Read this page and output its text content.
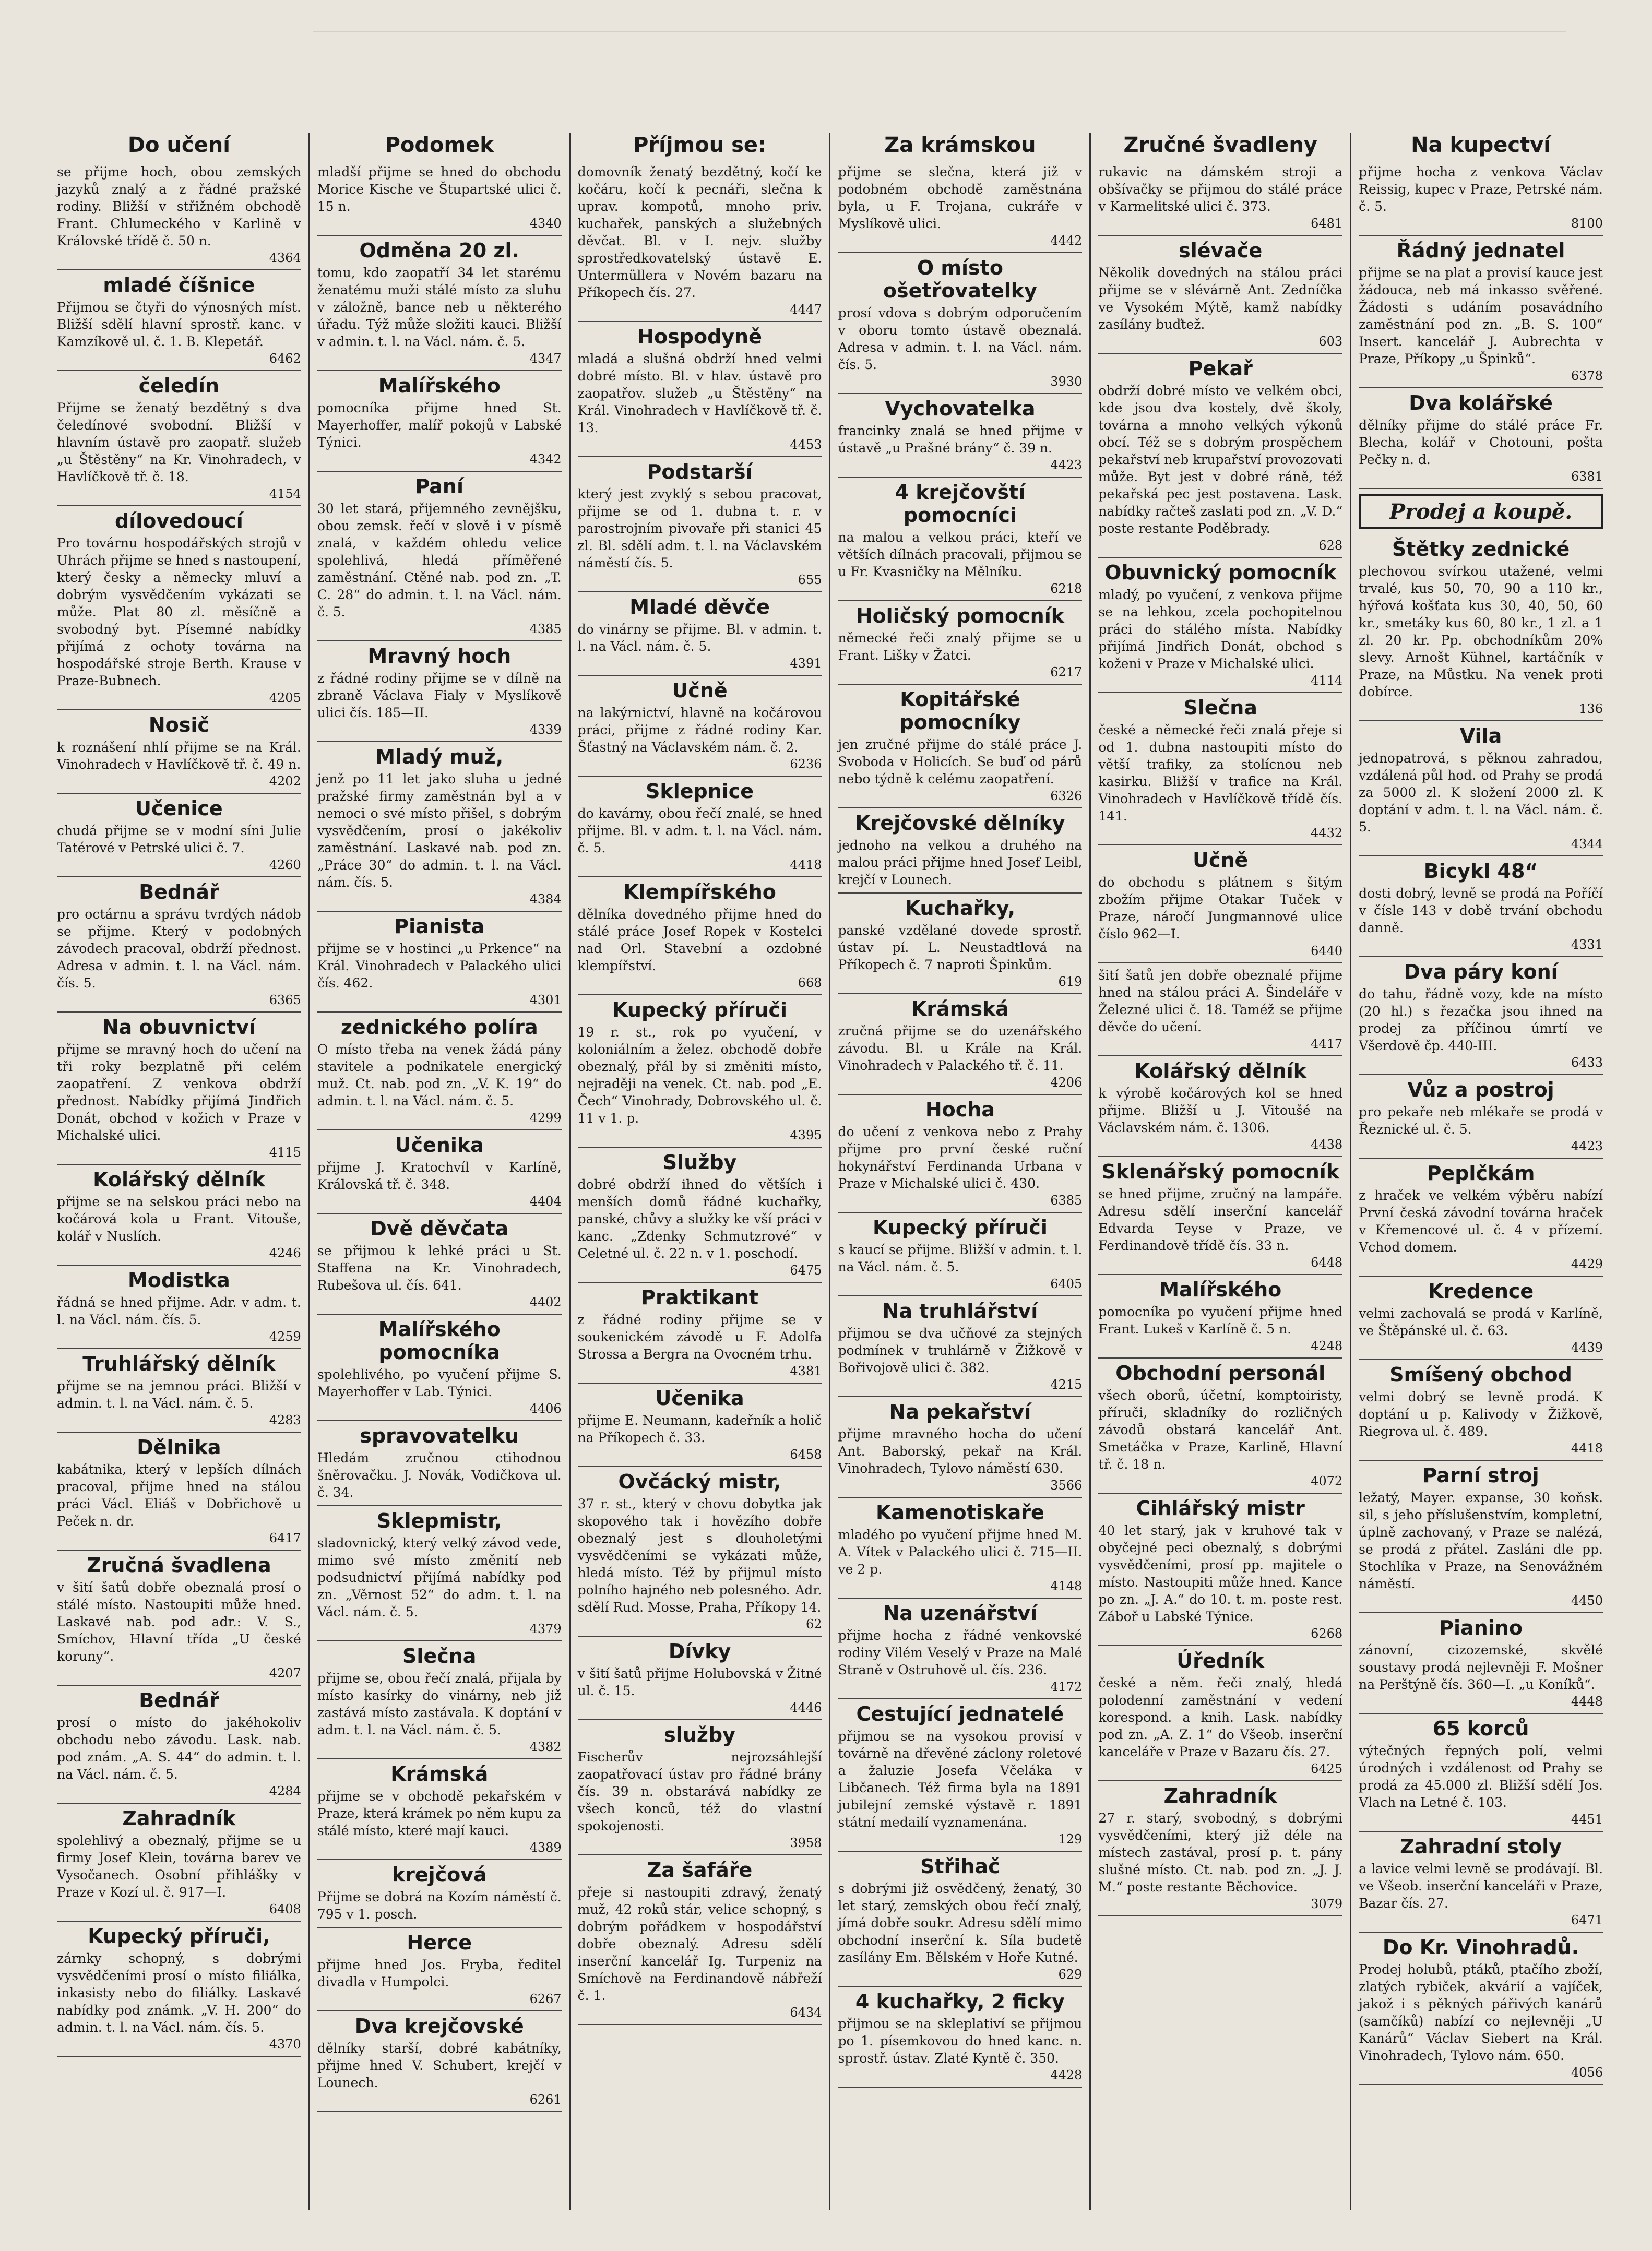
Do učení
se přijme hoch, obou zemských jazyků znalý a z řádné pražské rodiny. Bližší v střižném obchodě Frant. Chlumeckého v Karlině v Královské třídě č. 50 n.
4364
mladé číšnice
Přijmou se čtyři do výnosných míst. Bližší sdělí hlavní sprostř. kanc. v Kamzíkově ul. č. 1. B. Klepetář.
6462
čeledín
Přijme se ženatý bezdětný s dva čeledínové svobodní. Bližší v hlavním ústavě pro zaopatř. služeb „u Štěstěny“ na Kr. Vinohradech, v Havlíčkově tř. č. 18.
4154
dílovedoucí
Pro továrnu hospodářských strojů v Uhrách přijme se hned s nastoupení, který česky a německy mluví a dobrým vysvědčením vykázati se může. Plat 80 zl. měsíčně a svobodný byt. Písemné nabídky přijímá z ochoty továrna na hospodářské stroje Berth. Krause v Praze-Bubnech.
4205
Nosič
k roznášení nhlí přijme se na Král. Vinohradech v Havlíčkově tř. č. 49 n.
4202
Učenice
chudá přijme se v modní síni Julie Tatérové v Petrské ulici č. 7.
4260
Bednář
pro octárnu a správu tvrdých nádob se přijme. Který v podobných závodech pracoval, obdrží přednost. Adresa v admin. t. l. na Václ. nám. čís. 5.
6365
Na obuvnictví
přijme se mravný hoch do učení na tři roky bezplatně při celém zaopatření. Z venkova obdrží přednost. Nabídky přijímá Jindřich Donát, obchod v kožich v Praze v Michalské ulici.
4115
Kolářský dělník
přijme se na selskou práci nebo na kočárová kola u Frant. Vitouše, kolář v Nuslích.
4246
Modistka
řádná se hned přijme. Adr. v adm. t. l. na Václ. nám. čís. 5.
4259
Truhlářský dělník
přijme se na jemnou práci. Bližší v admin. t. l. na Václ. nám. č. 5.
4283
Dělnika
kabátnika, který v lepších dílnách pracoval, přijme hned na stálou práci Václ. Eliáš v Dobřichově u Peček n. dr.
6417
Zručná švadlena
v šití šatů dobře obeznalá prosí o stálé místo. Nastoupiti může hned. Laskavé nab. pod adr.: V. S., Smíchov, Hlavní třída „U české koruny“.
4207
Bednář
prosí o místo do jakéhokoliv obchodu nebo závodu. Lask. nab. pod znám. „A. S. 44“ do admin. t. l. na Václ. nám. č. 5.
4284
Zahradník
spolehlivý a obeznalý, přijme se u firmy Josef Klein, továrna barev ve Vysočanech. Osobní přihlášky v Praze v Kozí ul. č. 917—I.
6408
Kupecký příruči,
zárnky schopný, s dobrými vysvědčeními prosí o místo filiálka, inkasisty nebo do filiálky. Laskavé nabídky pod známk. „V. H. 200“ do admin. t. l. na Václ. nám. čís. 5.
4370
Podomek
mladší přijme se hned do obchodu Morice Kische ve Štupartské ulici č. 15 n.
4340
Odměna 20 zl.
tomu, kdo zaopatří 34 let starému ženatému muži stálé místo za sluhu v záložně, bance neb u některého úřadu. Týž může složiti kauci. Bližší v admin. t. l. na Václ. nám. č. 5.
4347
Malířského
pomocníka přijme hned St. Mayerhoffer, malíř pokojů v Labské Týnici.
4342
Paní
30 let stará, přijemného zevnějšku, obou zemsk. řečí v slově i v písmě znalá, v každém ohledu velice spolehlivá, hledá příměřené zaměstnání. Ctěné nab. pod zn. „T. C. 28“ do admin. t. l. na Václ. nám. č. 5.
4385
Mravný hoch
z řádné rodiny přijme se v dílně na zbraně Václava Fialy v Myslíkově ulici čís. 185—II.
4339
Mladý muž,
jenž po 11 let jako sluha u jedné pražské firmy zaměstnán byl a v nemoci o své místo přišel, s dobrým vysvědčením, prosí o jakékoliv zaměstnání. Laskavé nab. pod zn. „Práce 30“ do admin. t. l. na Václ. nám. čís. 5.
4384
Pianista
přijme se v hostinci „u Prkence“ na Král. Vinohradech v Palackého ulici čís. 462.
4301
zednického políra
O místo třeba na venek žádá pány stavitele a podnikatele energický muž. Ct. nab. pod zn. „V. K. 19“ do admin. t. l. na Václ. nám. č. 5.
4299
Učenika
přijme J. Kratochvíl v Karlíně, Královská tř. č. 348.
4404
Dvě děvčata
se přijmou k lehké práci u St. Staffena na Kr. Vinohradech, Rubešova ul. čís. 641.
4402
Malířského pomocníka
spolehlivého, po vyučení přijme S. Mayerhoffer v Lab. Týnici.
4406
spravovatelku
Hledám zručnou ctihodnou šněrovačku. J. Novák, Vodičkova ul. č. 34.
Sklepmistr,
sladovnický, který velký závod vede, mimo své místo změnití neb podsudnictví přijímá nabídky pod zn. „Věrnost 52“ do adm. t. l. na Václ. nám. č. 5.
4379
Slečna
přijme se, obou řečí znalá, přijala by místo kasírky do vinárny, neb již zastává místo zastávala. K doptání v adm. t. l. na Václ. nám. č. 5.
4382
Krámská
přijme se v obchodě pekařském v Praze, která krámek po něm kupu za stálé místo, které mají kauci.
4389
krejčová
Přijme se dobrá na Kozím náměstí č. 795 v 1. posch.
Herce
přijme hned Jos. Fryba, ředitel divadla v Humpolci.
6267
Dva krejčovské
dělníky starší, dobré kabátníky, přijme hned V. Schubert, krejčí v Lounech.
6261
Příjmou se:
domovník ženatý bezdětný, kočí ke kočáru, kočí k pecnáři, slečna k uprav. kompotů, mnoho priv. kuchařek, panských a služebných děvčat. Bl. v I. nejv. služby sprostředkovatelský ústavě E. Untermüllera v Novém bazaru na Příkopech čís. 27.
4447
Hospodyně
mladá a slušná obdrží hned velmi dobré místo. Bl. v hlav. ústavě pro zaopatřov. služeb „u Štěstěny“ na Král. Vinohradech v Havlíčkově tř. č. 13.
4453
Podstarší
který jest zvyklý s sebou pracovat, přijme se od 1. dubna t. r. v parostrojním pivovaře při stanici 45 zl. Bl. sdělí adm. t. l. na Václavském náměstí čís. 5.
655
Mladé děvče
do vinárny se přijme. Bl. v admin. t. l. na Václ. nám. č. 5.
4391
Učně
na lakýrnictví, hlavně na kočárovou práci, přijme z řádné rodiny Kar. Šťastný na Václavském nám. č. 2.
6236
Sklepnice
do kavárny, obou řečí znalé, se hned přijme. Bl. v adm. t. l. na Václ. nám. č. 5.
4418
Klempířského
dělníka dovedného přijme hned do stálé práce Josef Ropek v Kostelci nad Orl. Stavební a ozdobné klempířství.
668
Kupecký příruči
19 r. st., rok po vyučení, v koloniálním a želez. obchodě dobře obeznalý, přál by si změniti místo, nejraději na venek. Ct. nab. pod „E. Čech“ Vinohrady, Dobrovského ul. č. 11 v 1. p.
4395
Služby
dobré obdrží ihned do větších i menších domů řádné kuchařky, panské, chůvy a služky ke vší práci v kanc. „Zdenky Schmutzrové“ v Celetné ul. č. 22 n. v 1. poschodí.
6475
Praktikant
z řádné rodiny přijme se v soukenickém závodě u F. Adolfa Strossa a Bergra na Ovocném trhu.
4381
Učenika
přijme E. Neumann, kadeřník a holič na Příkopech č. 33.
6458
Ovčácký mistr,
37 r. st., který v chovu dobytka jak skopového tak i hovězího dobře obeznalý jest s dlouholetými vysvědčeními se vykázati může, hledá místo. Též by přijmul místo polního hajného neb polesného. Adr. sdělí Rud. Mosse, Praha, Příkopy 14.
62
Dívky
v šití šatů přijme Holubovská v Žitné ul. č. 15.
4446
služby
Fischerův nejrozsáhlejší zaopatřovací ústav pro řádné brány čís. 39 n. obstarává nabídky ze všech konců, též do vlastní spokojenosti.
3958
Za šafáře
přeje si nastoupiti zdravý, ženatý muž, 42 roků stár, velice schopný, s dobrým pořádkem v hospodářství dobře obeznalý. Adresu sdělí inserční kancelář Ig. Turpeniz na Smíchově na Ferdinandově nábřeží č. 1.
6434
Za krámskou
přijme se slečna, která již v podobném obchodě zaměstnána byla, u F. Trojana, cukráře v Myslíkově ulici.
4442
O místo ošetřovatelky
prosí vdova s dobrým odporučením v oboru tomto ústavě obeznalá. Adresa v admin. t. l. na Václ. nám. čís. 5.
3930
Vychovatelka
francinky znalá se hned přijme v ústavě „u Prašné brány“ č. 39 n.
4423
4 krejčovští pomocníci
na malou a velkou práci, kteří ve větších dílnách pracovali, přijmou se u Fr. Kvasničky na Mělníku.
6218
Holičský pomocník
německé řeči znalý přijme se u Frant. Lišky v Žatci.
6217
Kopitářské pomocníky
jen zručné přijme do stálé práce J. Svoboda v Holicích. Se buď od párů nebo týdně k celému zaopatření.
6326
Krejčovské dělníky
jednoho na velkou a druhého na malou práci přijme hned Josef Leibl, krejčí v Lounech.
Kuchařky,
panské vzdělané dovede sprostř. ústav pí. L. Neustadtlová na Příkopech č. 7 naproti Špinkům.
619
Krámská
zručná přijme se do uzenářského závodu. Bl. u Krále na Král. Vinohradech v Palackého tř. č. 11.
4206
Hocha
do učení z venkova nebo z Prahy přijme pro první české ruční hokynářství Ferdinanda Urbana v Praze v Michalské ulici č. 430.
6385
Kupecký příruči
s kaucí se přijme. Bližší v admin. t. l. na Václ. nám. č. 5.
6405
Na truhlářství
přijmou se dva učňové za stejných podmínek v truhlárně v Žižkově v Bořivojově ulici č. 382.
4215
Na pekařství
přijme mravného hocha do učení Ant. Baborský, pekař na Král. Vinohradech, Tylovo náměstí 630.
3566
Kamenotiskaře
mladého po vyučení přijme hned M. A. Vítek v Palackého ulici č. 715—II. ve 2 p.
4148
Na uzenářství
přijme hocha z řádné venkovské rodiny Vilém Veselý v Praze na Malé Straně v Ostruhově ul. čís. 236.
4172
Cestující jednatelé
přijmou se na vysokou provisí v továrně na dřevěné záclony roletové a žaluzie Josefa Včeláka v Libčanech. Též firma byla na 1891 jubilejní zemské výstavě r. 1891 státní medailí vyznamenána.
129
Střihač
s dobrými již osvědčený, ženatý, 30 let starý, zemských obou řečí znalý, jímá dobře soukr. Adresu sdělí mimo obchodní inserční k. Síla budetě zasílány Em. Bělském v Hoře Kutné.
629
4 kuchařky, 2 ficky
přijmou se na skleplativí se přijmou po 1. písemkovou do hned kanc. n. sprostř. ústav. Zlaté Kyntě č. 350.
4428
Zručné švadleny
rukavic na dámském stroji a obšívačky se přijmou do stálé práce v Karmelitské ulici č. 373.
6481
slévače
Několik dovedných na stálou práci přijme se v slévárně Ant. Zedníčka ve Vysokém Mýtě, kamž nabídky zasílány buďtež.
603
Pekař
obdrží dobré místo ve velkém obci, kde jsou dva kostely, dvě školy, továrna a mnoho velkých výkonů obcí. Též se s dobrým prospěchem pekařství neb krupařství provozovati může. Byt jest v dobré ráně, též pekařská pec jest postavena. Lask. nabídky račteš zaslati pod zn. „V. D.“ poste restante Poděbrady.
628
Obuvnický pomocník
mladý, po vyučení, z venkova přijme se na lehkou, zcela pochopitelnou práci do stálého místa. Nabídky přijímá Jindřich Donát, obchod s koženi v Praze v Michalské ulici.
4114
Slečna
české a německé řeči znalá přeje si od 1. dubna nastoupiti místo do větší trafiky, za stolícnou neb kasirku. Bližší v trafice na Král. Vinohradech v Havlíčkově třídě čís. 141.
4432
Učně
do obchodu s plátnem s šitým zbožím přijme Otakar Tuček v Praze, náročí Jungmannové ulice číslo 962—I.
6440
šití šatů jen dobře obeznalé přijme hned na stálou práci A. Šindeláře v Železné ulici č. 18. Taméž se přijme děvče do učení.
4417
Kolářský dělník
k výrobě kočárových kol se hned přijme. Bližší u J. Vitoušé na Václavském nám. č. 1306.
4438
Sklenářský pomocník
se hned přijme, zručný na lampáře. Adresu sdělí inserční kancelář Edvarda Teyse v Praze, ve Ferdinandově třídě čís. 33 n.
6448
Malířského
pomocníka po vyučení přijme hned Frant. Lukeš v Karlíně č. 5 n.
4248
Obchodní personál
všech oborů, účetní, komptoiristy, příruči, skladníky do rozličných závodů obstará kancelář Ant. Smetáčka v Praze, Karlině, Hlavní tř. č. 18 n.
4072
Cihlářský mistr
40 let starý, jak v kruhové tak v obyčejné peci obeznalý, s dobrými vysvědčeními, prosí pp. majitele o místo. Nastoupiti může hned. Kance po zn. „J. A.“ do 10. t. m. poste rest. Záboř u Labské Týnice.
6268
Úředník
české a něm. řeči znalý, hledá polodenní zaměstnání v vedení korespond. a knih. Lask. nabídky pod zn. „A. Z. 1“ do Všeob. inserční kanceláře v Praze v Bazaru čís. 27.
6425
Zahradník
27 r. starý, svobodný, s dobrými vysvědčeními, který již déle na místech zastával, prosí p. t. pány slušné místo. Ct. nab. pod zn. „J. J. M.“ poste restante Běchovice.
3079
Na kupectví
přijme hocha z venkova Václav Reissig, kupec v Praze, Petrské nám. č. 5.
8100
Řádný jednatel
přijme se na plat a provisí kauce jest žádouca, neb má inkasso svěřené. Žádosti s udáním posavádního zaměstnání pod zn. „B. S. 100“ Insert. kancelář J. Aubrechta v Praze, Příkopy „u Špinků“.
6378
Dva kolářské
dělníky přijme do stálé práce Fr. Blecha, kolář v Chotouni, pošta Pečky n. d.
6381
Prodej a koupě.
Štětky zednické
plechovou svírkou utažené, velmi trvalé, kus 50, 70, 90 a 110 kr., hýřová košťata kus 30, 40, 50, 60 kr., smetáky kus 60, 80 kr., 1 zl. a 1 zl. 20 kr. Pp. obchodníkům 20% slevy. Arnošt Kühnel, kartáčník v Praze, na Můstku. Na venek proti dobírce.
136
Vila
jednopatrová, s pěknou zahradou, vzdálená půl hod. od Prahy se prodá za 5000 zl. K složení 2000 zl. K doptání v adm. t. l. na Václ. nám. č. 5.
4344
Bicykl 48“
dosti dobrý, levně se prodá na Poříčí v čísle 143 v době trvání obchodu danně.
4331
Dva páry koní
do tahu, řádně vozy, kde na místo (20 hl.) s řezačka jsou ihned na prodej za příčinou úmrtí ve Všerdově čp. 440-III.
6433
Vůz a postroj
pro pekaře neb mlékaře se prodá v Řeznické ul. č. 5.
4423
Peplčkám
z hraček ve velkém výběru nabízí První česká závodní továrna hraček v Křemencové ul. č. 4 v přízemí. Vchod domem.
4429
Kredence
velmi zachovalá se prodá v Karlíně, ve Štěpánské ul. č. 63.
4439
Smíšený obchod
velmi dobrý se levně prodá. K doptání u p. Kalivody v Žižkově, Riegrova ul. č. 489.
4418
Parní stroj
ležatý, Mayer. expanse, 30 koňsk. sil, s jeho příslušenstvím, kompletní, úplně zachovaný, v Praze se nalézá, se prodá z přátel. Zasláni dle pp. Stochlíka v Praze, na Senovážném náměstí.
4450
Pianino
zánovní, cizozemské, skvělé soustavy prodá nejlevněji F. Mošner na Perštýně čís. 360—I. „u Koníků“.
4448
65 korců
výtečných řepných polí, velmi úrodných i vzdálenost od Prahy se prodá za 45.000 zl. Bližší sdělí Jos. Vlach na Letné č. 103.
4451
Zahradní stoly
a lavice velmi levně se prodávají. Bl. ve Všeob. inserční kanceláři v Praze, Bazar čís. 27.
6471
Do Kr. Vinohradů.
Prodej holubů, ptáků, ptačího zboží, zlatých rybiček, akvárií a vajíček, jakož i s pěkných pářivých kanárů (samčíků) nabízí co nejlevněji „U Kanárů“ Václav Siebert na Král. Vinohradech, Tylovo nám. 650.
4056
